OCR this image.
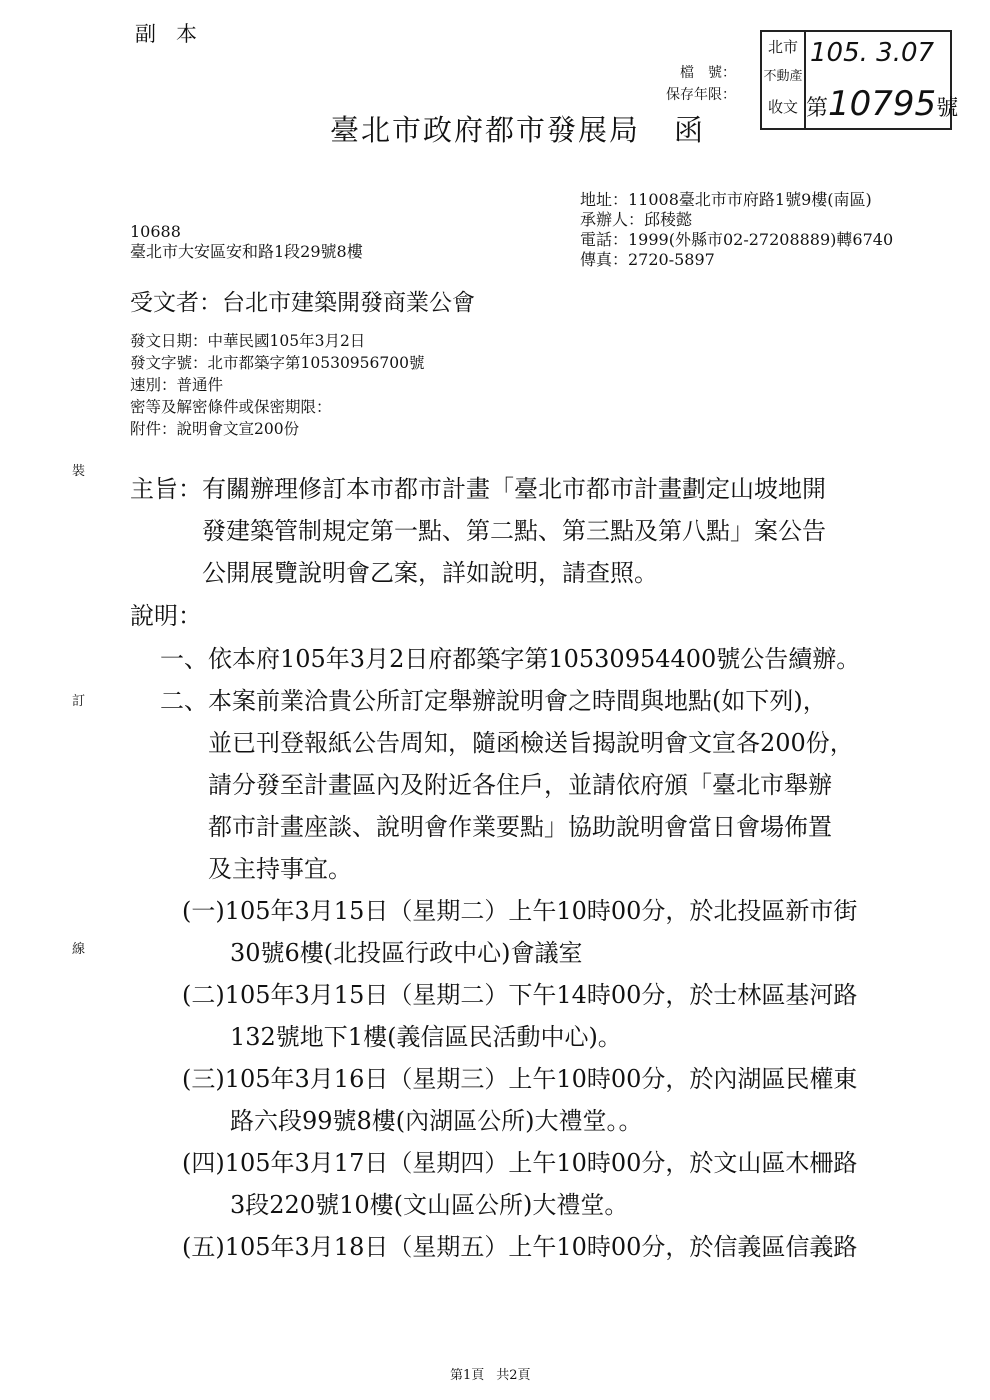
副本
檔　號：
保存年限：
臺北市政府都市發展局 函
北市
不動產
收文
105. 3.07
第10795號
地址：11008臺北市市府路1號9樓(南區)
承辦人：邱稜懿
電話：1999(外縣市02-27208889)轉6740
傳真：2720-5897
10688
臺北市大安區安和路1段29號8樓
受文者：台北市建築開發商業公會
發文日期：中華民國105年3月2日
發文字號：北市都築字第10530956700號
速別：普通件
密等及解密條件或保密期限：
附件：說明會文宣200份
裝
訂
線
主旨： 有關辦理修訂本市都市計畫「臺北市都市計畫劃定山坡地開
發建築管制規定第一點、第二點、第三點及第八點」案公告
公開展覽說明會乙案，詳如說明，請查照。
說明：
一、依本府105年3月2日府都築字第10530954400號公告續辦。
二、本案前業洽貴公所訂定舉辦說明會之時間與地點(如下列)，
並已刊登報紙公告周知，隨函檢送旨揭說明會文宣各200份，
請分發至計畫區內及附近各住戶，並請依府頒「臺北市舉辦
都市計畫座談、說明會作業要點」協助說明會當日會場佈置
及主持事宜。
(一)105年3月15日（星期二）上午10時00分，於北投區新市街
30號6樓(北投區行政中心)會議室
(二)105年3月15日（星期二）下午14時00分，於士林區基河路
132號地下1樓(義信區民活動中心)。
(三)105年3月16日（星期三）上午10時00分，於內湖區民權東
路六段99號8樓(內湖區公所)大禮堂。。
(四)105年3月17日（星期四）上午10時00分，於文山區木柵路
3段220號10樓(文山區公所)大禮堂。
(五)105年3月18日（星期五）上午10時00分，於信義區信義路
第1頁 共2頁
